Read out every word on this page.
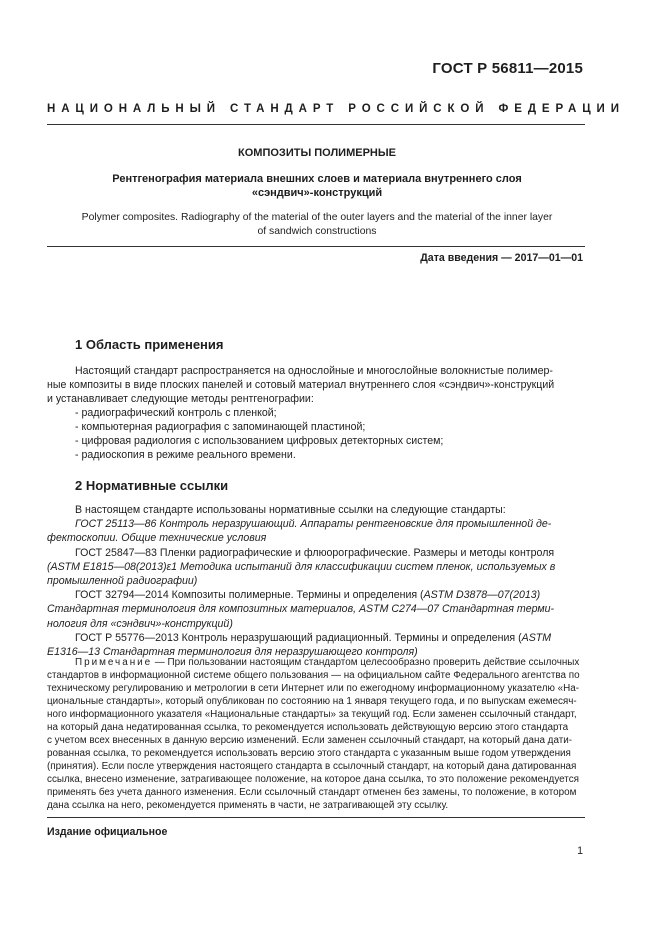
ГОСТ Р 56811—2015
НАЦИОНАЛЬНЫЙ СТАНДАРТ РОССИЙСКОЙ ФЕДЕРАЦИИ
КОМПОЗИТЫ ПОЛИМЕРНЫЕ
Рентгенография материала внешних слоев и материала внутреннего слоя
«сэндвич»-конструкций
Polymer composites. Radiography of the material of the outer layers and the material of the inner layer
of sandwich constructions
Дата введения — 2017—01—01
1 Область применения
Настоящий стандарт распространяется на однослойные и многослойные волокнистые полимер-
ные композиты в виде плоских панелей и сотовый материал внутреннего слоя «сэндвич»-конструкций
и устанавливает следующие методы рентгенографии:
- радиографический контроль с пленкой;
- компьютерная радиография с запоминающей пластиной;
- цифровая радиология с использованием цифровых детекторных систем;
- радиоскопия в режиме реального времени.
2 Нормативные ссылки
В настоящем стандарте использованы нормативные ссылки на следующие стандарты:
ГОСТ 25113—86 Контроль неразрушающий. Аппараты рентгеновские для промышленной де-
фектоскопии. Общие технические условия
ГОСТ 25847—83 Пленки радиографические и флюорографические. Размеры и методы контроля
(ASTM E1815—08(2013)ε1 Методика испытаний для классификации систем пленок, используемых в
промышленной радиографии)
ГОСТ 32794—2014 Композиты полимерные. Термины и определения (ASTM D3878—07(2013)
Стандартная терминология для композитных материалов, ASTM C274—07 Стандартная терми-
нология для «сэндвич»-конструкций)
ГОСТ Р 55776—2013 Контроль неразрушающий радиационный. Термины и определения (ASTM
E1316—13 Стандартная терминология для неразрушающего контроля)
Примечание — При пользовании настоящим стандартом целесообразно проверить действие ссылочных
стандартов в информационной системе общего пользования — на официальном сайте Федерального агентства по
техническому регулированию и метрологии в сети Интернет или по ежегодному информационному указателю «На-
циональные стандарты», который опубликован по состоянию на 1 января текущего года, и по выпускам ежемесяч-
ного информационного указателя «Национальные стандарты» за текущий год. Если заменен ссылочный стандарт,
на который дана недатированная ссылка, то рекомендуется использовать действующую версию этого стандарта
с учетом всех внесенных в данную версию изменений. Если заменен ссылочный стандарт, на который дана дати-
рованная ссылка, то рекомендуется использовать версию этого стандарта с указанным выше годом утверждения
(принятия). Если после утверждения настоящего стандарта в ссылочный стандарт, на который дана датированная
ссылка, внесено изменение, затрагивающее положение, на которое дана ссылка, то это положение рекомендуется
применять без учета данного изменения. Если ссылочный стандарт отменен без замены, то положение, в котором
дана ссылка на него, рекомендуется применять в части, не затрагивающей эту ссылку.
Издание официальное
1
